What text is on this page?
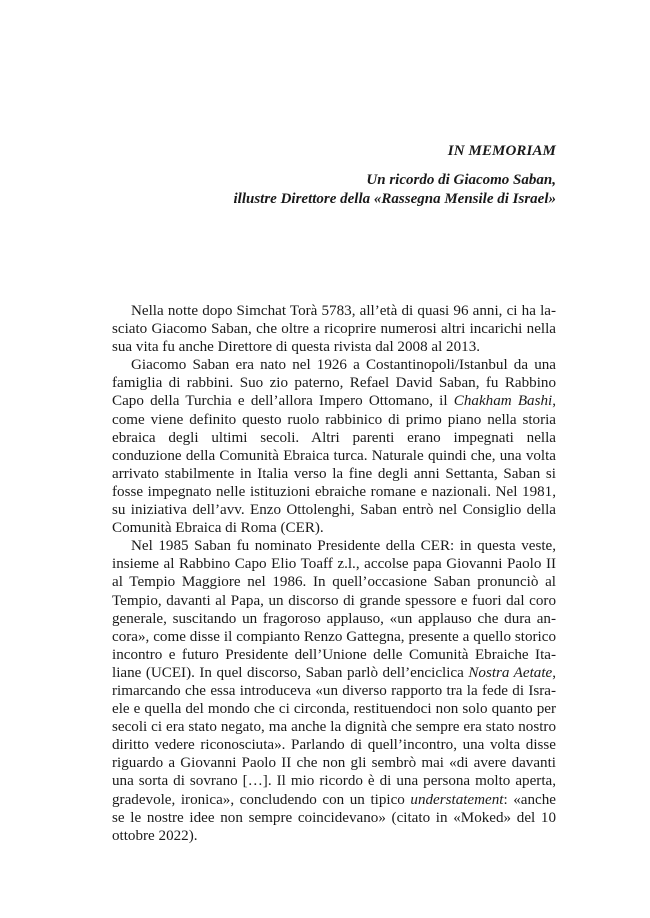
IN MEMORIAM
Un ricordo di Giacomo Saban,
illustre Direttore della «Rassegna Mensile di Israel»

Nella notte dopo Simchat Torà 5783, all’età di quasi 96 anni, ci ha lasciato Giacomo Saban, che oltre a ricoprire numerosi altri incarichi nella sua vita fu anche Direttore di questa rivista dal 2008 al 2013.

Giacomo Saban era nato nel 1926 a Costantinopoli/Istanbul da una famiglia di rabbini. Suo zio paterno, Refael David Saban, fu Rabbino Capo della Turchia e dell’allora Impero Ottomano, il Chakham Bashi, come viene definito questo ruolo rabbinico di primo piano nella storia ebraica degli ultimi secoli. Altri parenti erano impegnati nella conduzione della Comunità Ebraica turca. Naturale quindi che, una volta arrivato stabilmente in Italia verso la fine degli anni Settanta, Saban si fosse impegnato nelle istituzioni ebraiche romane e nazionali. Nel 1981, su iniziativa dell’avv. Enzo Ottolenghi, Saban entrò nel Consiglio della Comunità Ebraica di Roma (CER).

Nel 1985 Saban fu nominato Presidente della CER: in questa veste, insieme al Rabbino Capo Elio Toaff z.l., accolse papa Giovanni Paolo II al Tempio Maggiore nel 1986. In quell’occasione Saban pronunciò al Tempio, davanti al Papa, un discorso di grande spessore e fuori dal coro generale, suscitando un fragoroso applauso, «un applauso che dura ancora», come disse il compianto Renzo Gattegna, presente a quello storico incontro e futuro Presidente dell’Unione delle Comunità Ebraiche Italiane (UCEI). In quel discorso, Saban parlò dell’enciclica Nostra Aetate, rimarcando che essa introduceva «un diverso rapporto tra la fede di Israele e quella del mondo che ci circonda, restituendoci non solo quanto per secoli ci era stato negato, ma anche la dignità che sempre era stato nostro diritto vedere riconosciuta». Parlando di quell’incontro, una volta disse riguardo a Giovanni Paolo II che non gli sembrò mai «di avere davanti una sorta di sovrano […]. Il mio ricordo è di una persona molto aperta, gradevole, ironica», concludendo con un tipico understatement: «anche se le nostre idee non sempre coincidevano» (citato in «Moked» del 10 ottobre 2022).
